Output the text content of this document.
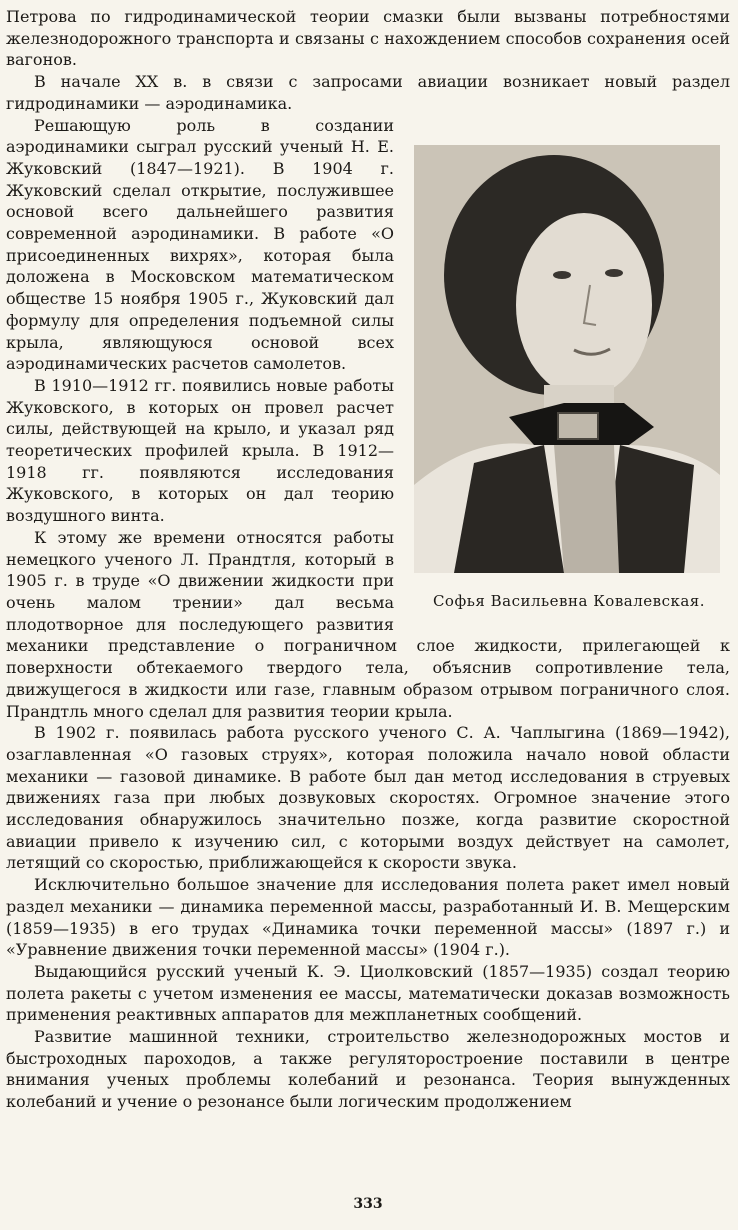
Петрова по гидродинамической теории смазки были вызваны потребностями железнодорожного транспорта и связаны с нахождением способов сохранения осей вагонов.

В начале XX в. в связи с запросами авиации возникает новый раздел гидродинамики — аэродинамика.

Софья Васильевна Ковалевская.

Решающую роль в создании аэродинамики сыграл русский ученый Н. Е. Жуковский (1847—1921). В 1904 г. Жуковский сделал открытие, послужившее основой всего дальнейшего развития современной аэродинамики. В работе «О присоединенных вихрях», которая была доложена в Московском математическом обществе 15 ноября 1905 г., Жуковский дал формулу для определения подъемной силы крыла, являющуюся основой всех аэродинамических расчетов самолетов.

В 1910—1912 гг. появились новые работы Жуковского, в которых он провел расчет силы, действующей на крыло, и указал ряд теоретических профилей крыла. В 1912—1918 гг. появляются исследования Жуковского, в которых он дал теорию воздушного винта.

К этому же времени относятся работы немецкого ученого Л. Прандтля, который в 1905 г. в труде «О движении жидкости при очень малом трении» дал весьма плодотворное для последующего развития механики представление о пограничном слое жидкости, прилегающей к поверхности обтекаемого твердого тела, объяснив сопротивление тела, движущегося в жидкости или газе, главным образом отрывом пограничного слоя. Прандтль много сделал для развития теории крыла.

В 1902 г. появилась работа русского ученого С. А. Чаплыгина (1869—1942), озаглавленная «О газовых струях», которая положила начало новой области механики — газовой динамике. В работе был дан метод исследования в струевых движениях газа при любых дозвуковых скоростях. Огромное значение этого исследования обнаружилось значительно позже, когда развитие скоростной авиации привело к изучению сил, с которыми воздух действует на самолет, летящий со скоростью, приближающейся к скорости звука.

Исключительно большое значение для исследования полета ракет имел новый раздел механики — динамика переменной массы, разработанный И. В. Мещерским (1859—1935) в его трудах «Динамика точки переменной массы» (1897 г.) и «Уравнение движения точки переменной массы» (1904 г.).

Выдающийся русский ученый К. Э. Циолковский (1857—1935) создал теорию полета ракеты с учетом изменения ее массы, математически доказав возможность применения реактивных аппаратов для межпланетных сообщений.

Развитие машинной техники, строительство железнодорожных мостов и быстроходных пароходов, а также регуляторостроение поставили в центре внимания ученых проблемы колебаний и резонанса. Теория вынужденных колебаний и учение о резонансе были логическим продолжением

333
